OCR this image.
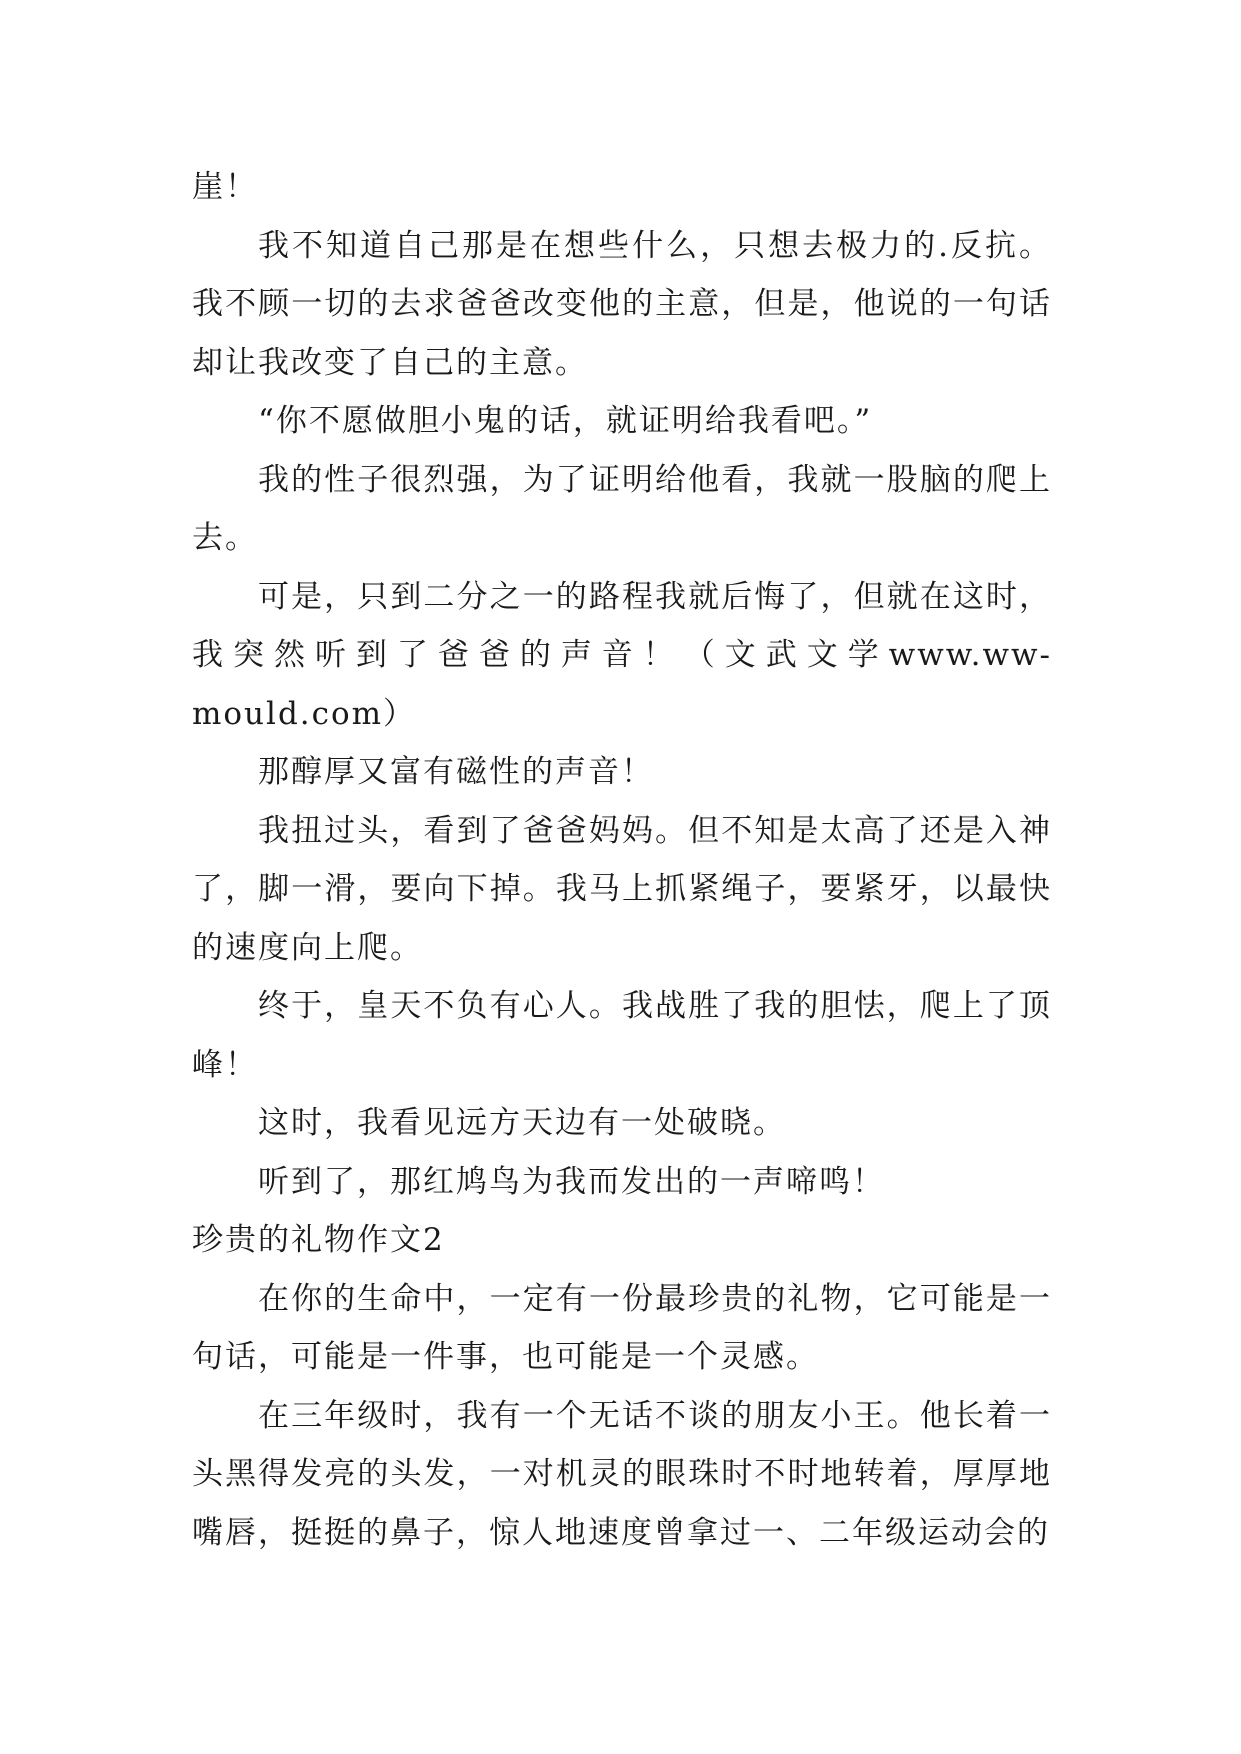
崖！

我不知道自己那是在想些什么，只想去极力的.反抗。我不顾一切的去求爸爸改变他的主意，但是，他说的一句话却让我改变了自己的主意。

“你不愿做胆小鬼的话，就证明给我看吧。”

我的性子很烈强，为了证明给他看，我就一股脑的爬上去。

可是，只到二分之一的路程我就后悔了，但就在这时，我突然听到了爸爸的声音！（文武文学www.ww-mould.com）

那醇厚又富有磁性的声音！

我扭过头，看到了爸爸妈妈。但不知是太高了还是入神了，脚一滑，要向下掉。我马上抓紧绳子，要紧牙，以最快的速度向上爬。

终于，皇天不负有心人。我战胜了我的胆怯，爬上了顶峰！

这时，我看见远方天边有一处破晓。

听到了，那红鸠鸟为我而发出的一声啼鸣！

珍贵的礼物作文2

在你的生命中，一定有一份最珍贵的礼物，它可能是一句话，可能是一件事，也可能是一个灵感。

在三年级时，我有一个无话不谈的朋友小王。他长着一头黑得发亮的头发，一对机灵的眼珠时不时地转着，厚厚地嘴唇，挺挺的鼻子，惊人地速度曾拿过一、二年级运动会的
